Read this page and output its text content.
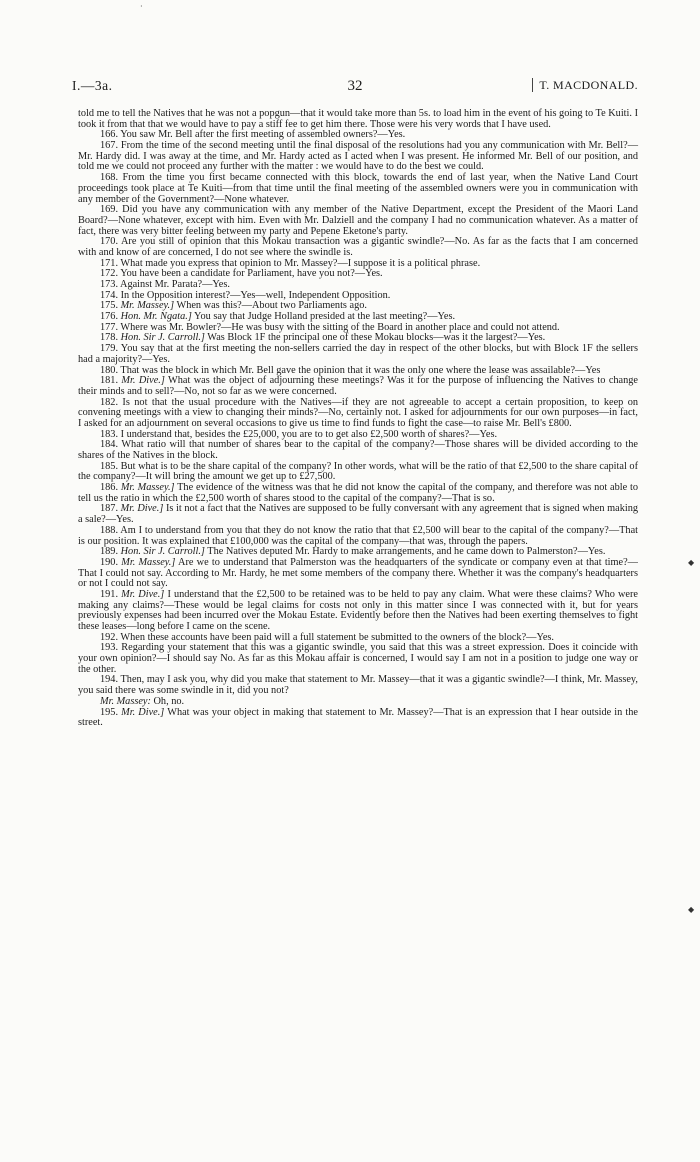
I.—3a.	32	T. MACDONALD.

told me to tell the Natives that he was not a popgun—that it would take more than 5s. to load him in the event of his going to Te Kuiti. I took it from that that we would have to pay a stiff fee to get him there. Those were his very words that I have used.

166. You saw Mr. Bell after the first meeting of assembled owners?—Yes.

167. From the time of the second meeting until the final disposal of the resolutions had you any communication with Mr. Bell?—Mr. Hardy did. I was away at the time, and Mr. Hardy acted as I acted when I was present. He informed Mr. Bell of our position, and told me we could not proceed any further with the matter : we would have to do the best we could.

168. From the time you first became connected with this block, towards the end of last year, when the Native Land Court proceedings took place at Te Kuiti—from that time until the final meeting of the assembled owners were you in communication with any member of the Government?—None whatever.

169. Did you have any communication with any member of the Native Department, except the President of the Maori Land Board?—None whatever, except with him. Even with Mr. Dalziell and the company I had no communication whatever. As a matter of fact, there was very bitter feeling between my party and Pepene Eketone's party.

170. Are you still of opinion that this Mokau transaction was a gigantic swindle?—No. As far as the facts that I am concerned with and know of are concerned, I do not see where the swindle is.

171. What made you express that opinion to Mr. Massey?—I suppose it is a political phrase.

172. You have been a candidate for Parliament, have you not?—Yes.

173. Against Mr. Parata?—Yes.

174. In the Opposition interest?—Yes—well, Independent Opposition.

175. Mr. Massey.] When was this?—About two Parliaments ago.

176. Hon. Mr. Ngata.] You say that Judge Holland presided at the last meeting?—Yes.

177. Where was Mr. Bowler?—He was busy with the sitting of the Board in another place and could not attend.

178. Hon. Sir J. Carroll.] Was Block 1F the principal one of these Mokau blocks—was it the largest?—Yes.

179. You say that at the first meeting the non-sellers carried the day in respect of the other blocks, but with Block 1F the sellers had a majority?—Yes.

180. That was the block in which Mr. Bell gave the opinion that it was the only one where the lease was assailable?—Yes

181. Mr. Dive.] What was the object of adjourning these meetings? Was it for the purpose of influencing the Natives to change their minds and to sell?—No, not so far as we were concerned.

182. Is not that the usual procedure with the Natives—if they are not agreeable to accept a certain proposition, to keep on convening meetings with a view to changing their minds?—No, certainly not. I asked for adjournments for our own purposes—in fact, I asked for an adjournment on several occasions to give us time to find funds to fight the case—to raise Mr. Bell's £800.

183. I understand that, besides the £25,000, you are to to get also £2,500 worth of shares?—Yes.

184. What ratio will that number of shares bear to the capital of the company?—Those shares will be divided according to the shares of the Natives in the block.

185. But what is to be the share capital of the company? In other words, what will be the ratio of that £2,500 to the share capital of the company?—It will bring the amount we get up to £27,500.

186. Mr. Massey.] The evidence of the witness was that he did not know the capital of the company, and therefore was not able to tell us the ratio in which the £2,500 worth of shares stood to the capital of the company?—That is so.

187. Mr. Dive.] Is it not a fact that the Natives are supposed to be fully conversant with any agreement that is signed when making a sale?—Yes.

188. Am I to understand from you that they do not know the ratio that that £2,500 will bear to the capital of the company?—That is our position. It was explained that £100,000 was the capital of the company—that was, through the papers.

189. Hon. Sir J. Carroll.] The Natives deputed Mr. Hardy to make arrangements, and he came down to Palmerston?—Yes.

190. Mr. Massey.] Are we to understand that Palmerston was the headquarters of the syndicate or company even at that time?—That I could not say. According to Mr. Hardy, he met some members of the company there. Whether it was the company's headquarters or not I could not say.

191. Mr. Dive.] I understand that the £2,500 to be retained was to be held to pay any claim. What were these claims? Who were making any claims?—These would be legal claims for costs not only in this matter since I was connected with it, but for years previously expenses had been incurred over the Mokau Estate. Evidently before then the Natives had been exerting themselves to fight these leases—long before I came on the scene.

192. When these accounts have been paid will a full statement be submitted to the owners of the block?—Yes.

193. Regarding your statement that this was a gigantic swindle, you said that this was a street expression. Does it coincide with your own opinion?—I should say No. As far as this Mokau affair is concerned, I would say I am not in a position to judge one way or the other.

194. Then, may I ask you, why did you make that statement to Mr. Massey—that it was a gigantic swindle?—I think, Mr. Massey, you said there was some swindle in it, did you not?

Mr. Massey: Oh, no.

195. Mr. Dive.] What was your object in making that statement to Mr. Massey?—That is an expression that I hear outside in the street.

·
◆
◆
